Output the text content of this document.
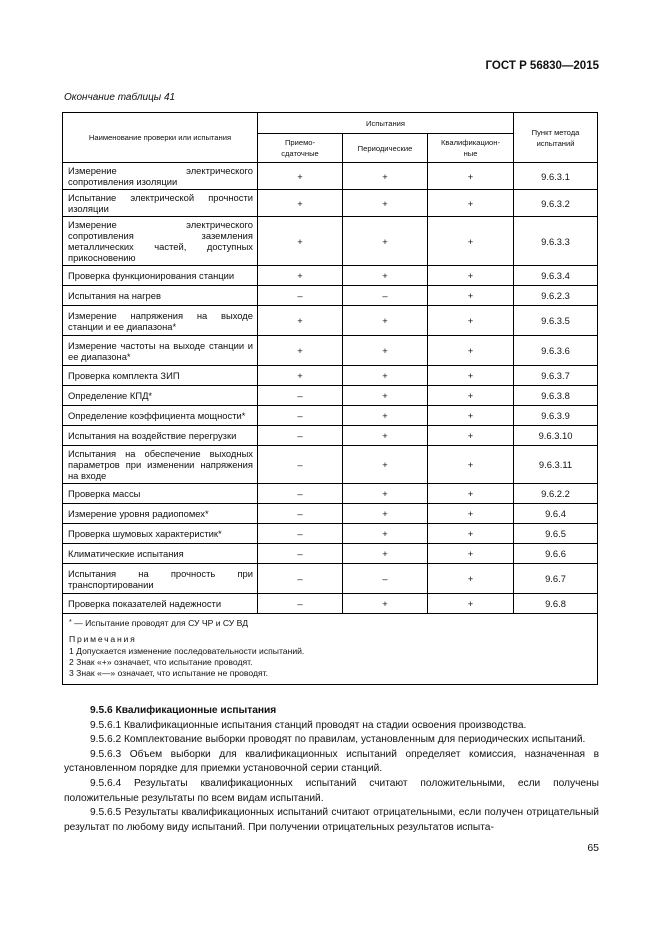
ГОСТ Р 56830—2015
Окончание таблицы 41
Наименование проверки или испытания	Испытания			Пункт метода испытаний
	Приемо-сдаточные	Периодические	Квалификацион-ные	
Измерение электрического сопротивления изоляции	+	+	+	9.6.3.1
Испытание электрической прочности изоляции	+	+	+	9.6.3.2
Измерение электрического сопротивления заземления металлических частей, доступных прикосновению	+	+	+	9.6.3.3
Проверка функционирования станции	+	+	+	9.6.3.4
Испытания на нагрев	–	–	+	9.6.2.3
Измерение напряжения на выходе станции и ее диапазона*	+	+	+	9.6.3.5
Измерение частоты на выходе станции и ее диапазона*	+	+	+	9.6.3.6
Проверка комплекта ЗИП	+	+	+	9.6.3.7
Определение КПД*	–	+	+	9.6.3.8
Определение коэффициента мощности*	–	+	+	9.6.3.9
Испытания на воздействие перегрузки	–	+	+	9.6.3.10
Испытания на обеспечение выходных параметров при изменении напряжения на входе	–	+	+	9.6.3.11
Проверка массы	–	+	+	9.6.2.2
Измерение уровня радиопомех*	–	+	+	9.6.4
Проверка шумовых характеристик*	–	+	+	9.6.5
Климатические испытания	–	+	+	9.6.6
Испытания на прочность при транспортировании	–	–	+	9.6.7
Проверка показателей надежности	–	+	+	9.6.8

* — Испытание проводят для СУ ЧР и СУ ВД
Примечания
1 Допускается изменение последовательности испытаний.
2 Знак «+» означает, что испытание проводят.
3 Знак «—» означает, что испытание не проводят.				

9.5.6 Квалификационные испытания

9.5.6.1 Квалификационные испытания станций проводят на стадии освоения производства.

9.5.6.2 Комплектование выборки проводят по правилам, установленным для периодических испытаний.

9.5.6.3 Объем выборки для квалификационных испытаний определяет комиссия, назначенная в установленном порядке для приемки установочной серии станций.

9.5.6.4 Результаты квалификационных испытаний считают положительными, если получены положительные результаты по всем видам испытаний.

9.5.6.5 Результаты квалификационных испытаний считают отрицательными, если получен отрицательный результат по любому виду испытаний. При получении отрицательных результатов испыта-

65
